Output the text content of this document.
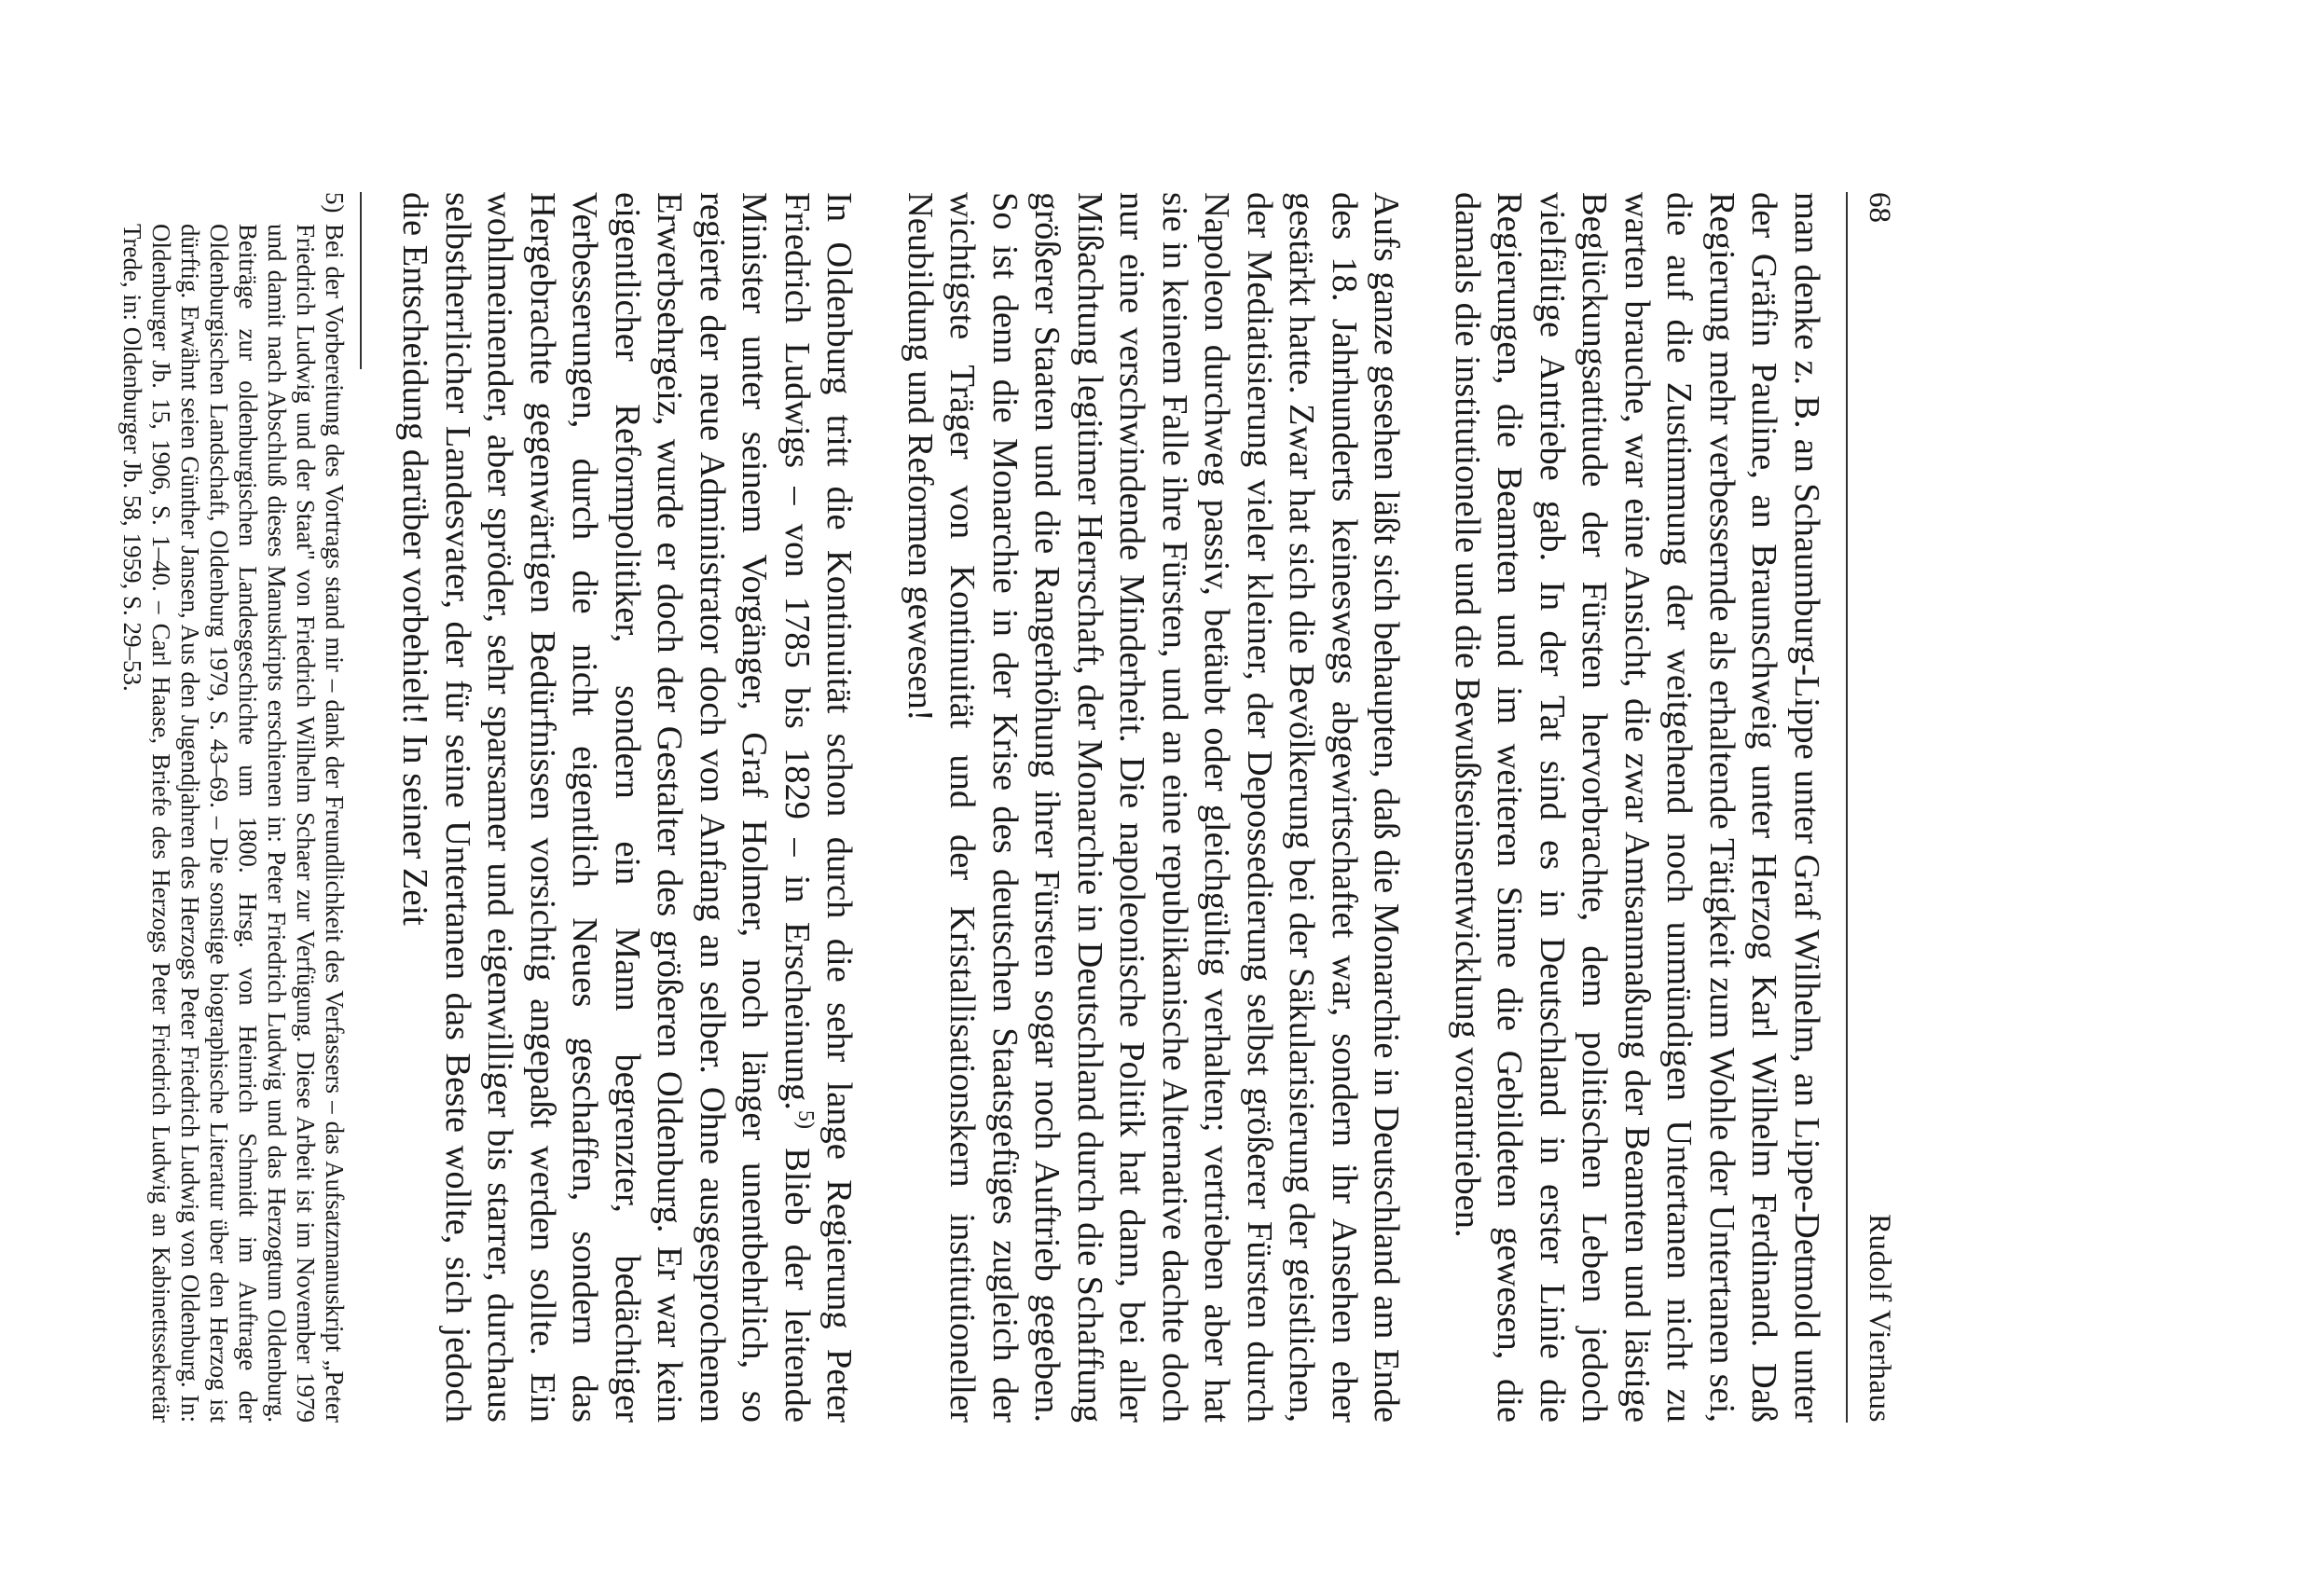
68
Rudolf Vierhaus

man denke z. B. an Schaumburg-Lippe unter Graf Wilhelm, an Lippe-Detmold unter der Gräfin Pauline, an Braunschweig unter Herzog Karl Wilhelm Ferdinand. Daß Regierung mehr verbessernde als erhaltende Tätigkeit zum Wohle der Untertanen sei, die auf die Zustimmung der weitgehend noch unmündigen Untertanen nicht zu warten brauche, war eine Ansicht, die zwar Amtsanmaßung der Beamten und lästige Beglückungsattitude der Fürsten hervorbrachte, dem politischen Leben jedoch vielfältige Antriebe gab. In der Tat sind es in Deutschland in erster Linie die Regierungen, die Beamten und im weiteren Sinne die Gebildeten gewesen, die damals die institutionelle und die Bewußtseinsentwicklung vorantrieben.

Aufs ganze gesehen läßt sich behaupten, daß die Monarchie in Deutschland am Ende des 18. Jahrhunderts keineswegs abgewirtschaftet war, sondern ihr Ansehen eher gestärkt hatte. Zwar hat sich die Bevölkerung bei der Säkularisierung der geistlichen, der Mediatisierung vieler kleiner, der Depossedierung selbst größerer Fürsten durch Napoleon durchweg passiv, betäubt oder gleichgültig verhalten; vertrieben aber hat sie in keinem Falle ihre Fürsten, und an eine republikanische Alternative dachte doch nur eine verschwindende Minderheit. Die napoleonische Politik hat dann, bei aller Mißachtung legitimer Herrschaft, der Monarchie in Deutschland durch die Schaffung größerer Staaten und die Rangerhöhung ihrer Fürsten sogar noch Auftrieb gegeben. So ist denn die Monarchie in der Krise des deutschen Staatsgefüges zugleich der wichtigste Träger von Kontinuität und der Kristallisationskern institutioneller Neubildung und Reformen gewesen!

In Oldenburg tritt die Kontinuität schon durch die sehr lange Regierung Peter Friedrich Ludwigs – von 1785 bis 1829 – in Erscheinung.$^{5)}$ Blieb der leitende Minister unter seinem Vorgänger, Graf Holmer, noch länger unentbehrlich, so regierte der neue Administrator doch von Anfang an selber. Ohne ausgesprochenen Erwerbsehrgeiz, wurde er doch der Gestalter des größeren Oldenburg. Er war kein eigentlicher Reformpolitiker, sondern ein Mann begrenzter, bedächtiger Verbesserungen, durch die nicht eigentlich Neues geschaffen, sondern das Hergebrachte gegenwärtigen Bedürfnissen vorsichtig angepaßt werden sollte. Ein wohlmeinender, aber spröder, sehr sparsamer und eigenwilliger bis starrer, durchaus selbstherrlicher Landesvater, der für seine Untertanen das Beste wollte, sich jedoch die Entscheidung darüber vorbehielt! In seiner Zeit

5)
Bei der Vorbereitung des Vortrags stand mir – dank der Freundlichkeit des Verfassers – das Aufsatzmanuskript „Peter Friedrich Ludwig und der Staat" von Friedrich Wilhelm Schaer zur Verfügung. Diese Arbeit ist im November 1979 und damit nach Abschluß dieses Manuskripts erschienen in: Peter Friedrich Ludwig und das Herzogtum Oldenburg. Beiträge zur oldenburgischen Landesgeschichte um 1800. Hrsg. von Heinrich Schmidt im Auftrage der Oldenburgischen Landschaft, Oldenburg 1979, S. 43–69. – Die sonstige biographische Literatur über den Herzog ist dürftig. Erwähnt seien Günther Jansen, Aus den Jugendjahren des Herzogs Peter Friedrich Ludwig von Oldenburg. In: Oldenburger Jb. 15, 1906, S. 1–40. – Carl Haase, Briefe des Herzogs Peter Friedrich Ludwig an Kabinettssekretär Trede, in: Oldenburger Jb. 58, 1959, S. 29–53.
